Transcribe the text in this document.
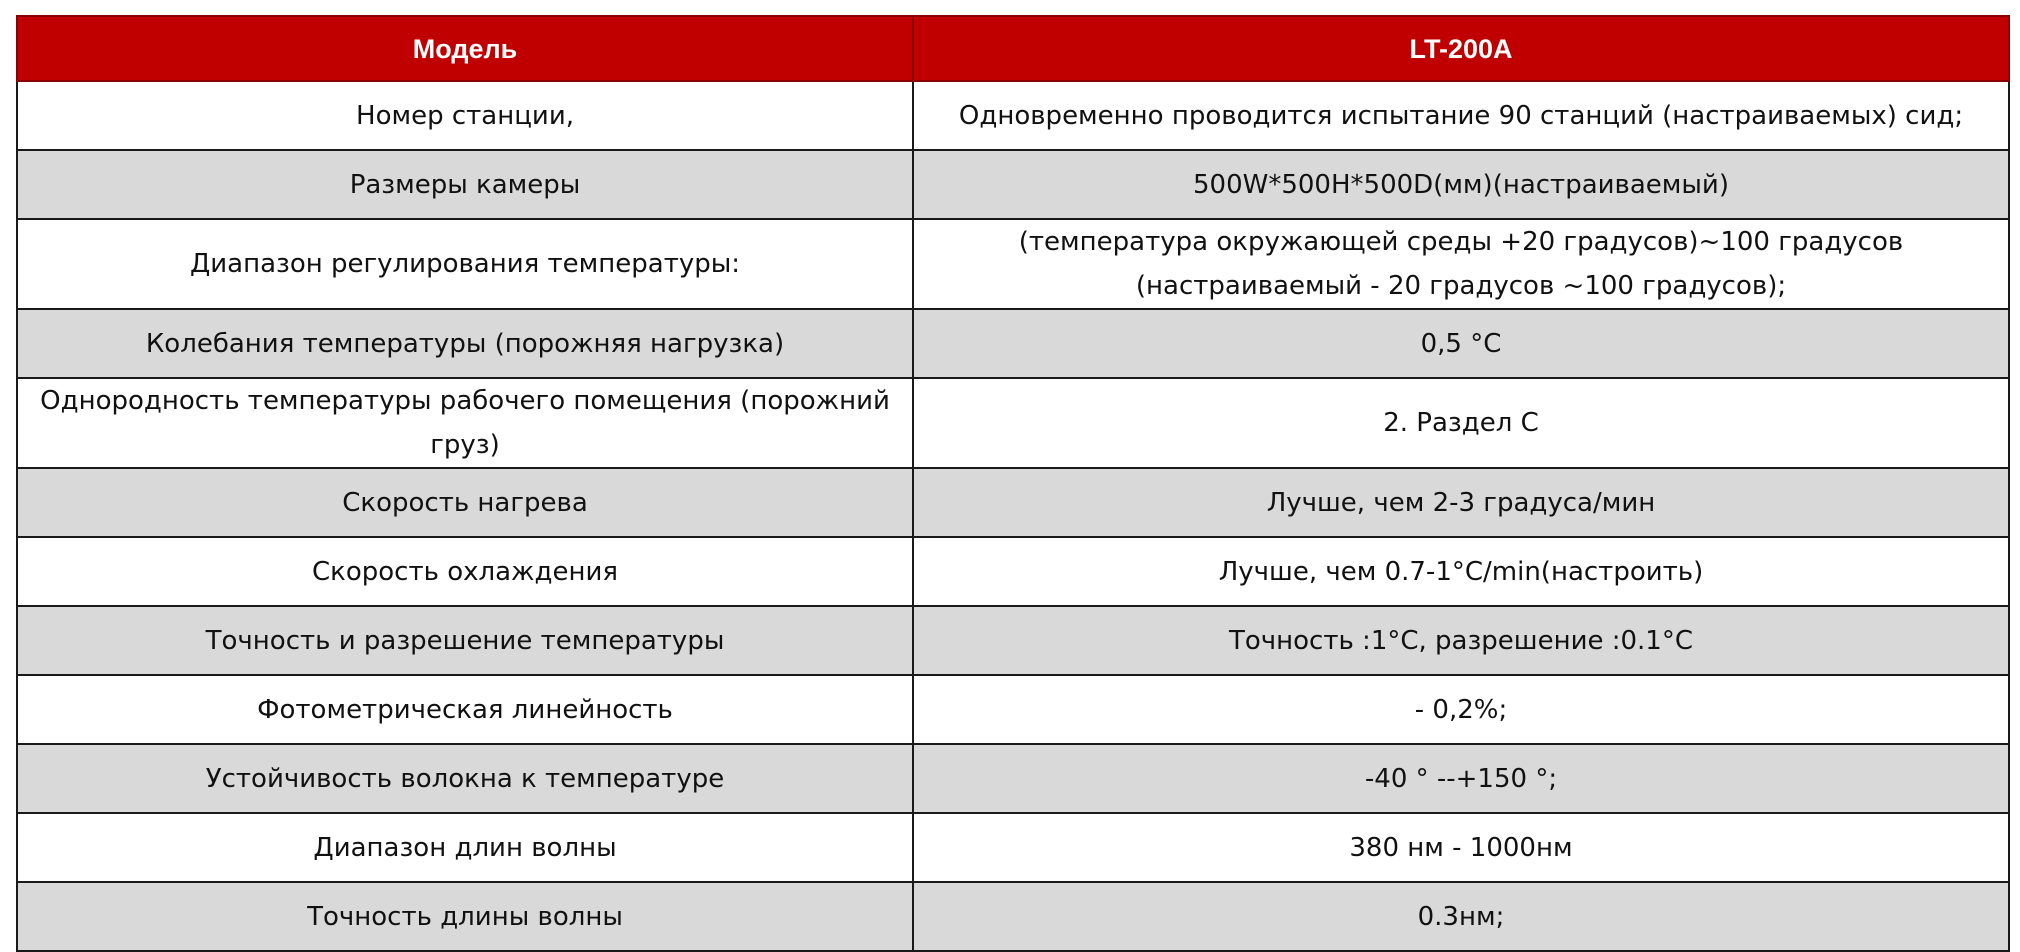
Модель	LT-200A
Номер станции,	Одновременно проводится испытание 90 станций (настраиваемых) сид;
Размеры камеры	500W*500H*500D(мм)(настраиваемый)
Диапазон регулирования температуры:	(температура окружающей среды +20 градусов)~100 градусов (настраиваемый - 20 градусов ~100 градусов);
Колебания температуры (порожняя нагрузка)	0,5 °C
Однородность температуры рабочего помещения (порожний груз)	2. Раздел С
Скорость нагрева	Лучше, чем 2-3 градуса/мин
Скорость охлаждения	Лучше, чем 0.7-1°C/min(настроить)
Точность и разрешение температуры	Точность :1°C, разрешение :0.1°C
Фотометрическая линейность	- 0,2%;
Устойчивость волокна к температуре	-40 ° --+150 °;
Диапазон длин волны	380 нм - 1000нм
Точность длины волны	0.3нм;
